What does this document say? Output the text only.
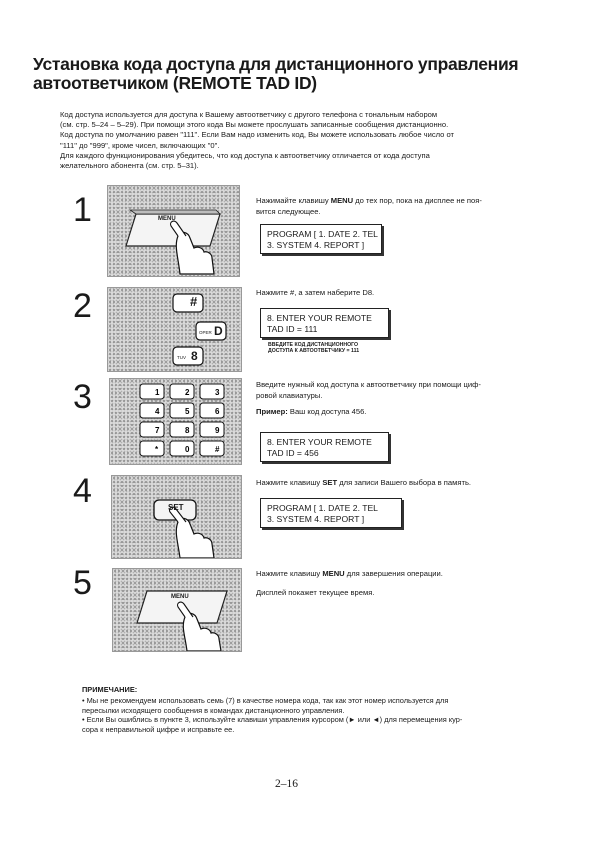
Установка кода доступа для дистанционного управления
автоответчиком (REMOTE TAD ID)

Код доступа используется для доступа к Вашему автоответчику с другого телефона с тональным набором

(см. стр. 5–24 – 5–29). При помощи этого кода Вы можете прослушать записанные сообщения дистанционно.

Код доступа по умолчанию равен "111". Если Вам надо изменить код, Вы можете использовать любое число от

"111" до "999", кроме чисел, включающих "0".

Для каждого функционирования убедитесь, что код доступа к автоответчику отличается от кода доступа

желательного абонента (см. стр. 5–31).

1	MENU

Нажимайте клавишу MENU до тех пор, пока на дисплее не поя-
вится следующее.

PROGRAM [ 1. DATE 2. TEL
3. SYSTEM 4. REPORT ]
2	#
OPER D
TUV 8

Нажмите #, а затем наберите D8.

8. ENTER YOUR REMOTE
TAD ID = 111
ВВЕДИТЕ КОД ДИСТАНЦИОННОГО
ДОСТУПА К АВТООТВЕТЧИКУ = 111
3	1	2	3
4	5	6
7	8	9
*	0	#

Введите нужный код доступа к автоответчику при помощи циф-
ровой клавиатуры.

Пример: Ваш код доступа 456.

8. ENTER YOUR REMOTE
TAD ID = 456
4	SET

Нажмите клавишу SET для записи Вашего выбора в память.

PROGRAM [ 1. DATE 2. TEL
3. SYSTEM 4. REPORT ]
5	MENU

Нажмите клавишу MENU для завершения операции.

Дисплей покажет текущее время.

ПРИМЕЧАНИЕ:

• Мы не рекомендуем использовать семь (7) в качестве номера кода, так как этот номер используется для

пересылки исходящего сообщения в командах дистанционного управления.

• Если Вы ошиблись в пункте 3, используйте клавиши управления курсором (► или ◄) для перемещения кур-

сора к неправильной цифре и исправьте ее.

2–16
